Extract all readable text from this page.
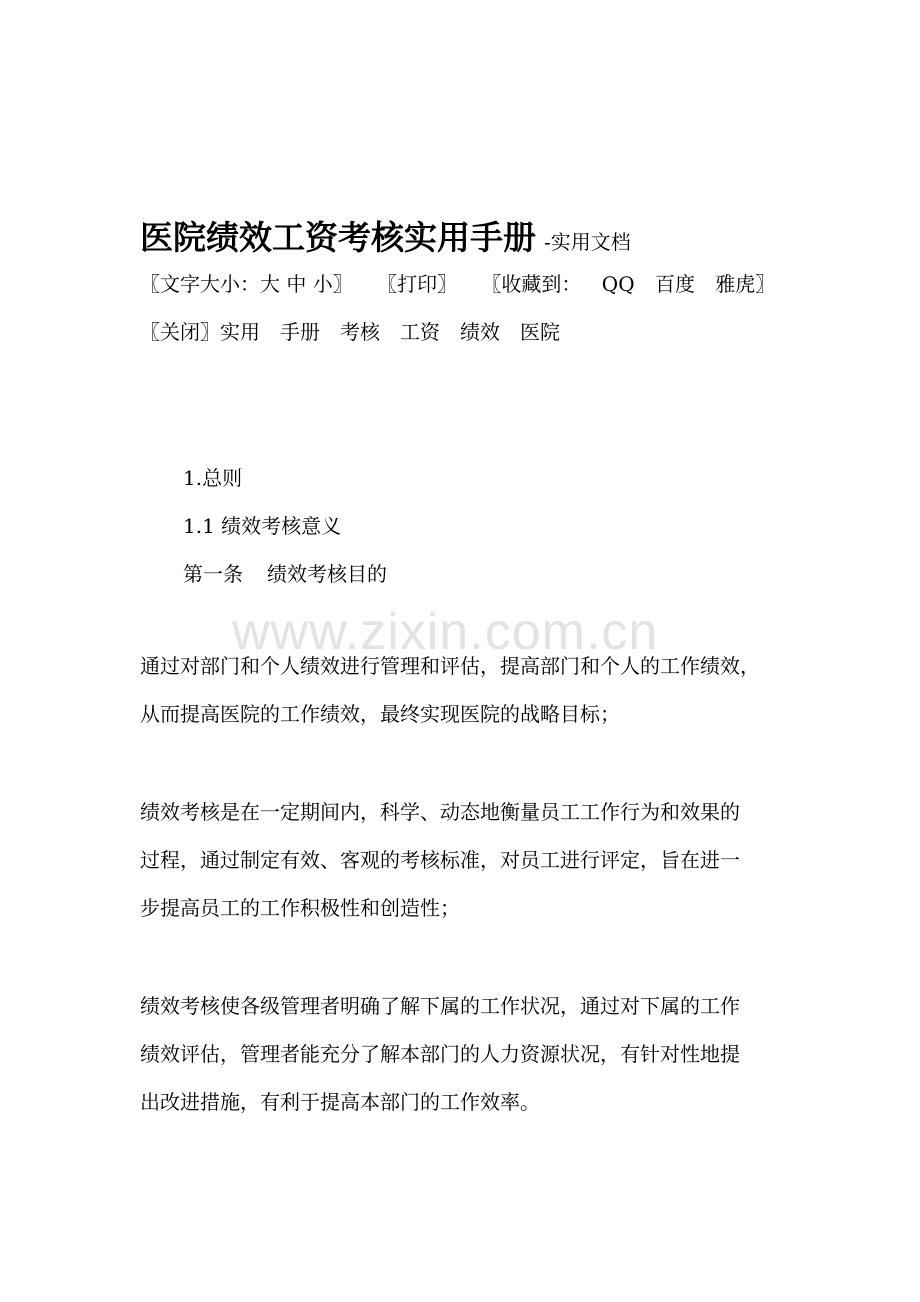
医院绩效工资考核实用手册 -实用文档
〖文字大小：大 中 小〗 〖打印〗 〖收藏到： QQ 百度 雅虎〗
〖关闭〗实用 手册 考核 工资 绩效 医院
1.总则
1.1 绩效考核意义
第一条 绩效考核目的
www.zixin.com.cn
通过对部门和个人绩效进行管理和评估，提高部门和个人的工作绩效，
从而提高医院的工作绩效，最终实现医院的战略目标；
绩效考核是在一定期间内，科学、动态地衡量员工工作行为和效果的
过程，通过制定有效、客观的考核标准，对员工进行评定，旨在进一
步提高员工的工作积极性和创造性；
绩效考核使各级管理者明确了解下属的工作状况，通过对下属的工作
绩效评估，管理者能充分了解本部门的人力资源状况，有针对性地提
出改进措施，有利于提高本部门的工作效率。
